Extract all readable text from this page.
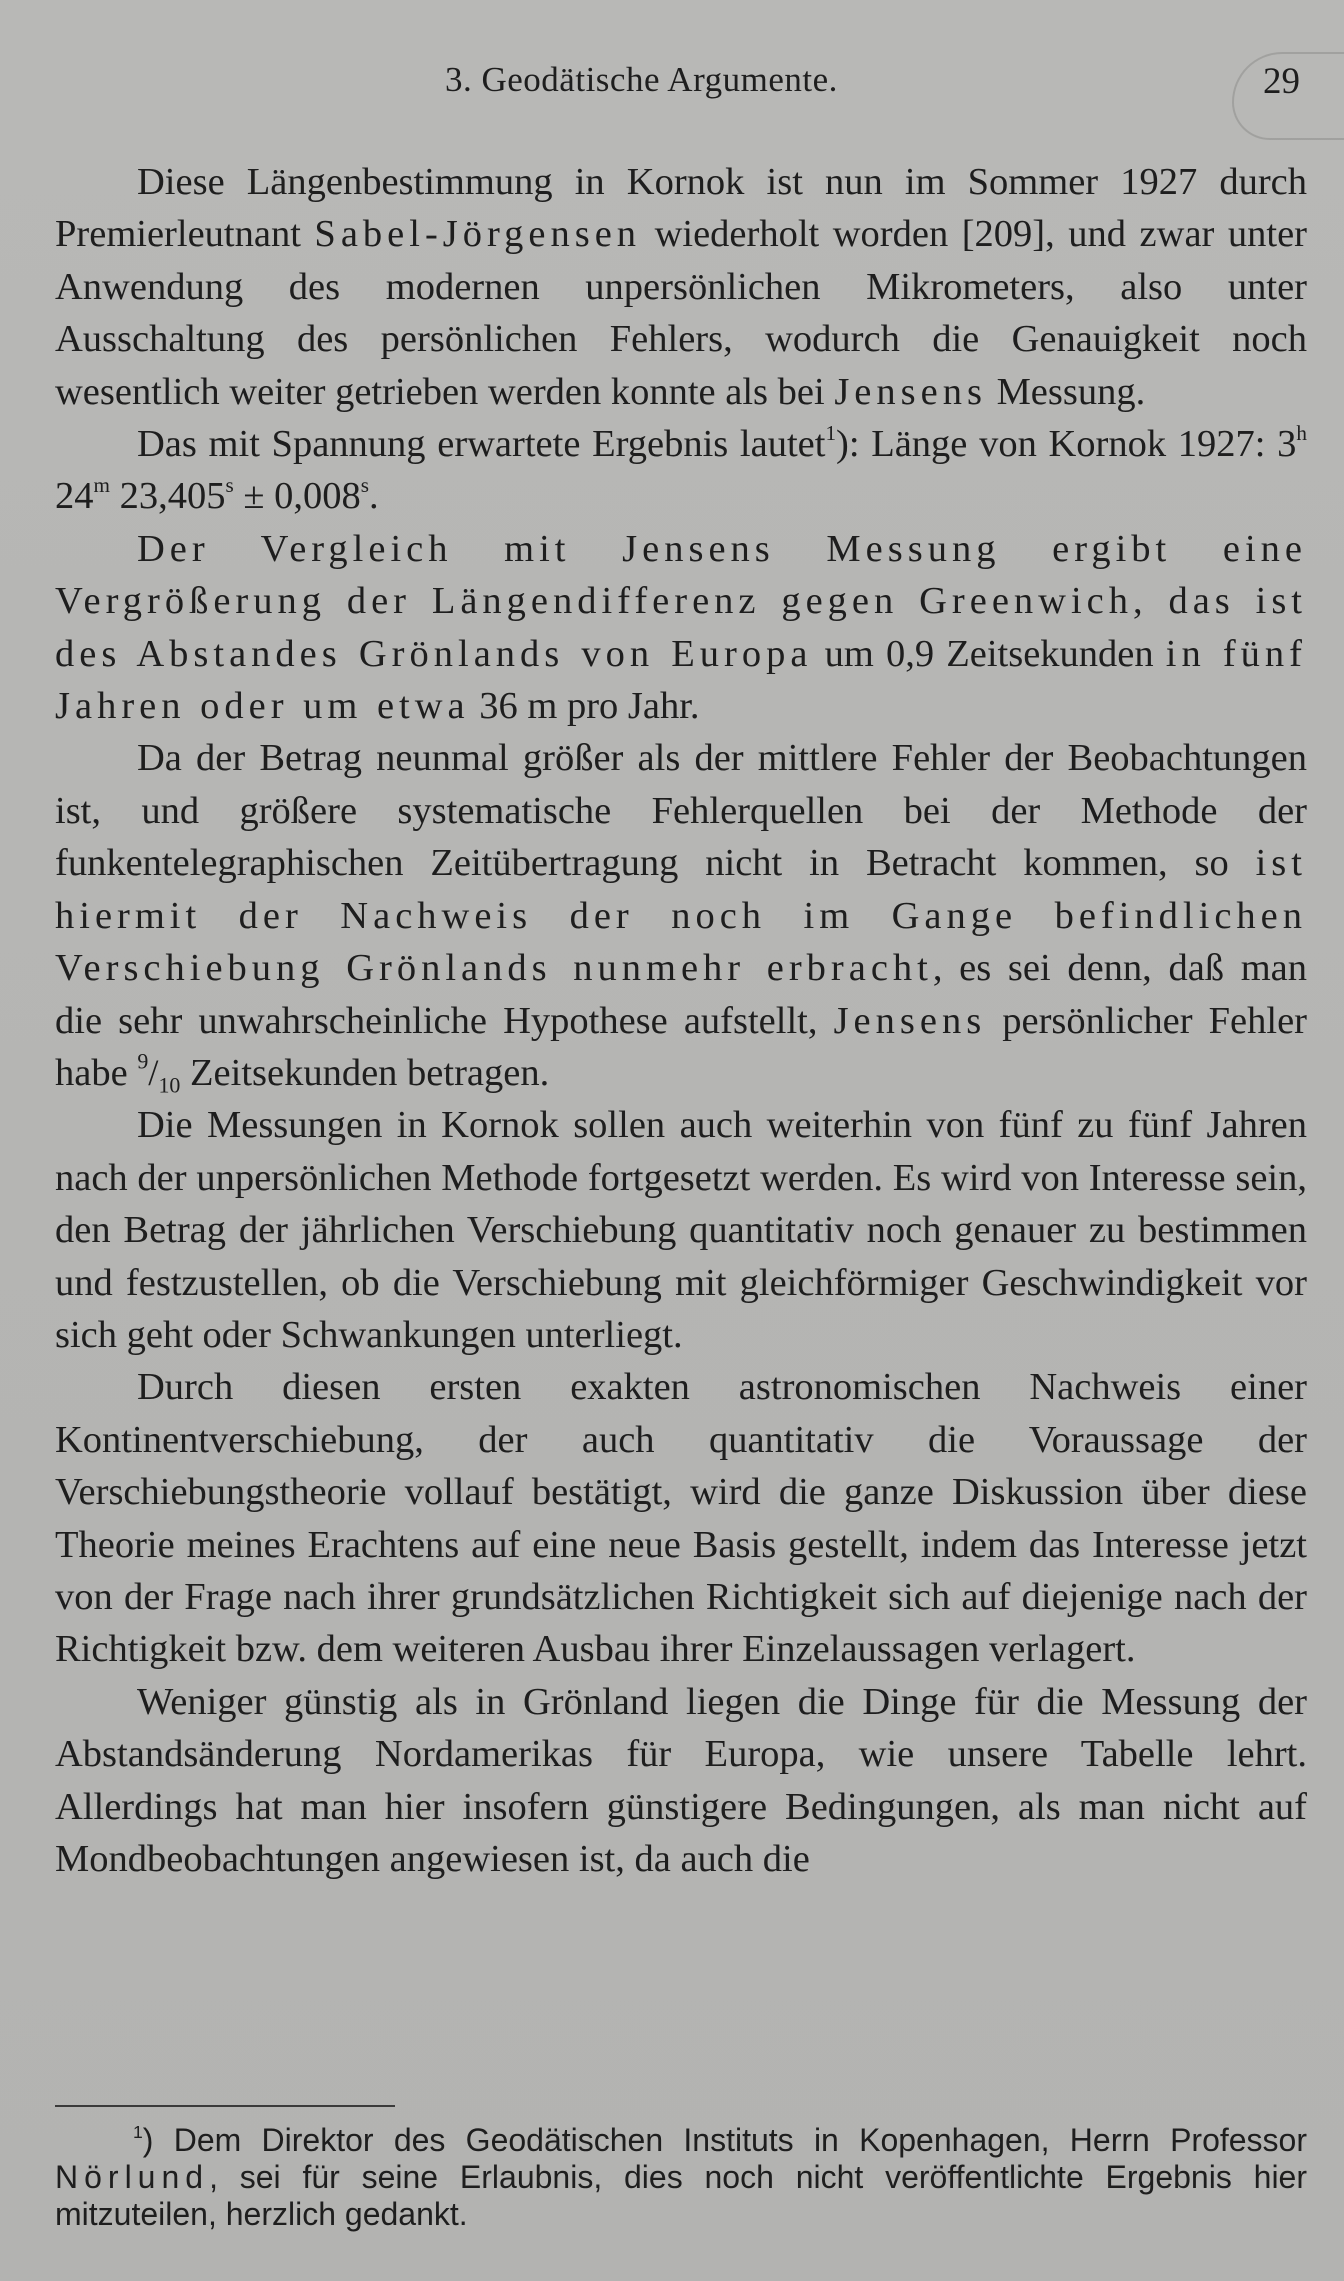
3. Geodätische Argumente.	29

Diese Längenbestimmung in Kornok ist nun im Sommer 1927 durch Premierleutnant Sabel-Jörgensen wiederholt worden [209], und zwar unter Anwendung des modernen unpersönlichen Mikrometers, also unter Ausschaltung des persönlichen Fehlers, wodurch die Genauigkeit noch wesentlich weiter getrieben werden konnte als bei Jensens Messung.

Das mit Spannung erwartete Ergebnis lautet$^1$): Länge von Kornok 1927: 3$^h$ 24$^m$ $23,405^s \pm 0,008^s$.

Der Vergleich mit Jensens Messung ergibt eine Vergrößerung der Längendifferenz gegen Greenwich, das ist des Abstandes Grönlands von Europa um 0,9 Zeitsekunden in fünf Jahren oder um etwa 36 m pro Jahr.

Da der Betrag neunmal größer als der mittlere Fehler der Beobachtungen ist, und größere systematische Fehlerquellen bei der Methode der funkentelegraphischen Zeitübertragung nicht in Betracht kommen, so ist hiermit der Nachweis der noch im Gange befindlichen Verschiebung Grönlands nunmehr erbracht, es sei denn, daß man die sehr unwahrscheinliche Hypothese aufstellt, Jensens persönlicher Fehler habe $^9/_{10}$ Zeitsekunden betragen.

Die Messungen in Kornok sollen auch weiterhin von fünf zu fünf Jahren nach der unpersönlichen Methode fortgesetzt werden. Es wird von Interesse sein, den Betrag der jährlichen Verschiebung quantitativ noch genauer zu bestimmen und festzustellen, ob die Verschiebung mit gleichförmiger Geschwindigkeit vor sich geht oder Schwankungen unterliegt.

Durch diesen ersten exakten astronomischen Nachweis einer Kontinentverschiebung, der auch quantitativ die Voraussage der Verschiebungstheorie vollauf bestätigt, wird die ganze Diskussion über diese Theorie meines Erachtens auf eine neue Basis gestellt, indem das Interesse jetzt von der Frage nach ihrer grundsätzlichen Richtigkeit sich auf diejenige nach der Richtigkeit bzw. dem weiteren Ausbau ihrer Einzelaussagen verlagert.

Weniger günstig als in Grönland liegen die Dinge für die Messung der Abstandsänderung Nordamerikas für Europa, wie unsere Tabelle lehrt. Allerdings hat man hier insofern günstigere Bedingungen, als man nicht auf Mondbeobachtungen angewiesen ist, da auch die

$^1$) Dem Direktor des Geodätischen Instituts in Kopenhagen, Herrn Professor Nörlund, sei für seine Erlaubnis, dies noch nicht veröffentlichte Ergebnis hier mitzuteilen, herzlich gedankt.
